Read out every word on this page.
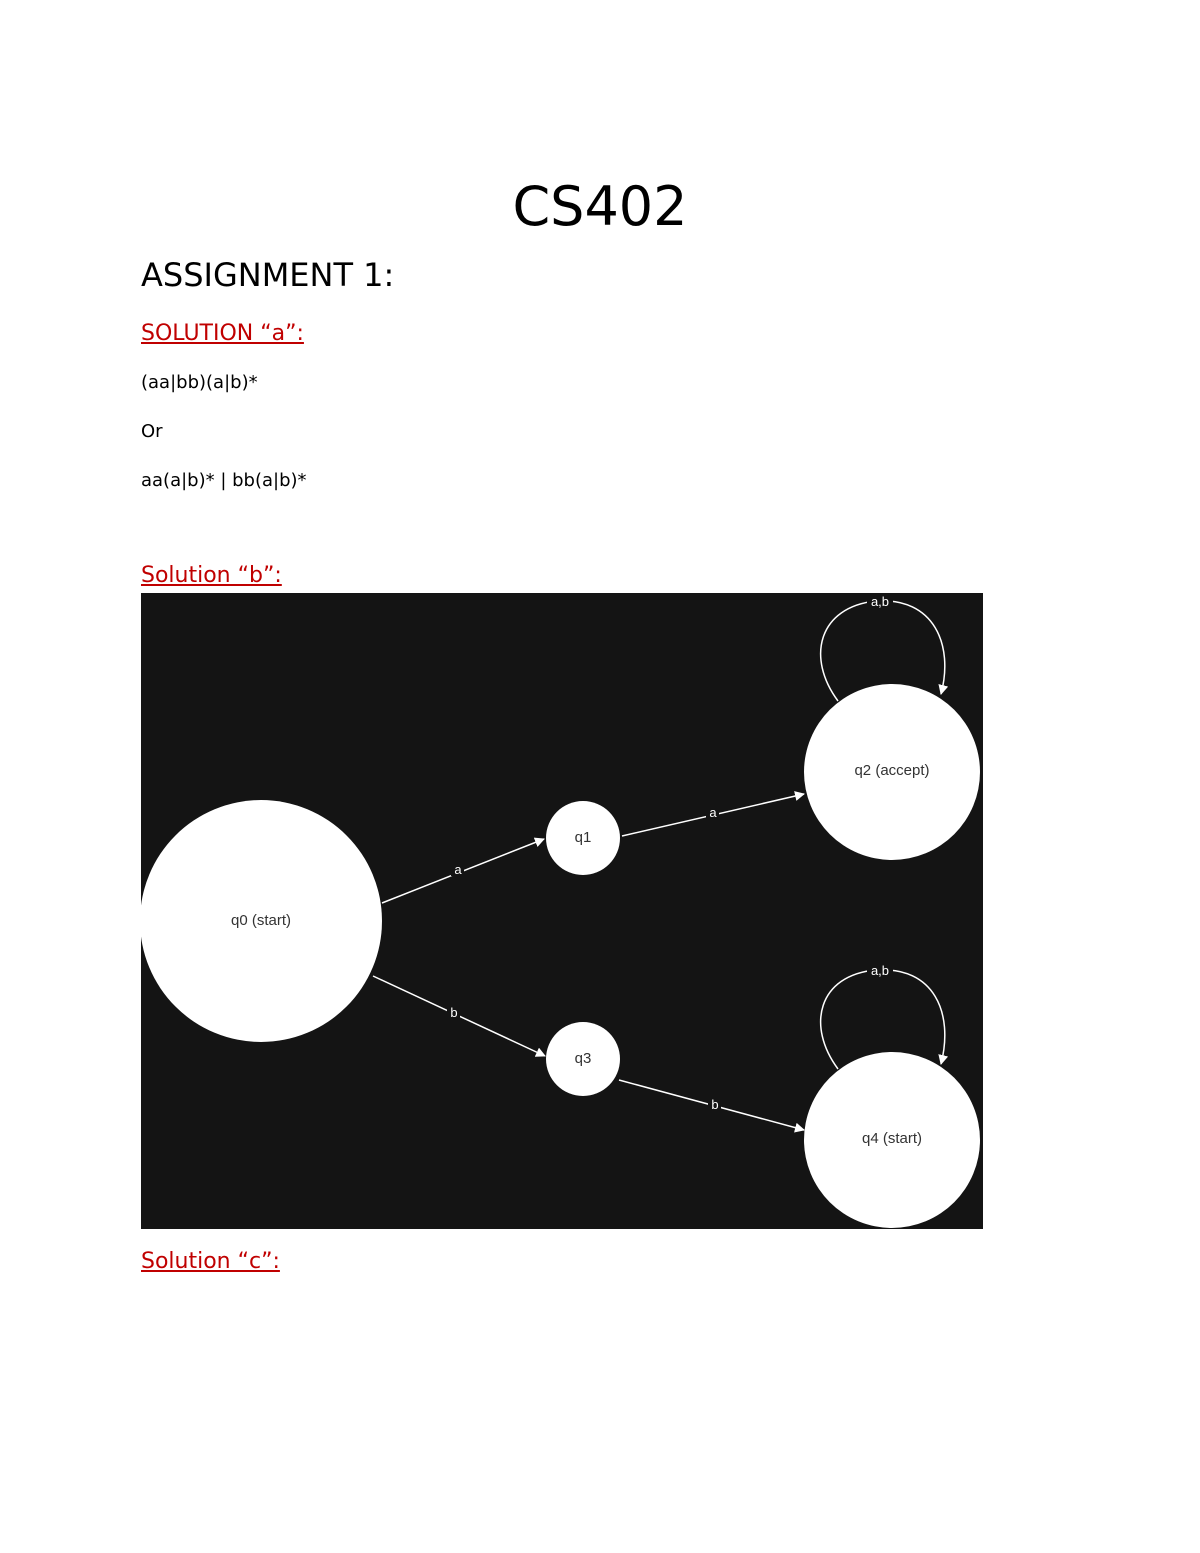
CS402
ASSIGNMENT 1:
SOLUTION “a”:
(aa|bb)(a|b)*
Or
aa(a|b)* | bb(a|b)*
Solution “b”:
a
a
b
b
a,b
a,b
q0 (start)
q1
q2 (accept)
q3
q4 (start)
Solution “c”:
